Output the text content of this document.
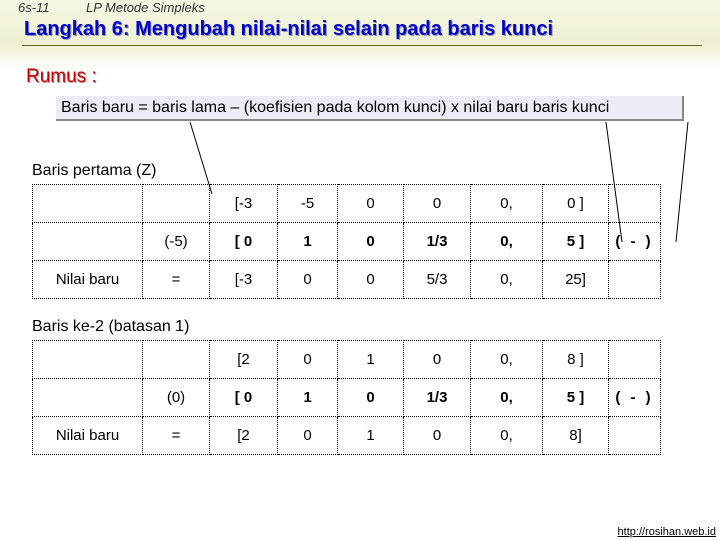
6s-11	LP Metode Simpleks
Langkah 6: Mengubah nilai-nilai selain pada baris kunci
Rumus :
Baris baru = baris lama – (koefisien pada kolom kunci) x nilai baru baris kunci
Baris pertama (Z)
		[-3	-5	0	0	0,	0 ]	
	(-5)	[ 0	1	0	1/3	0,	5 ]	( - )
Nilai baru	=	[-3	0	0	5/3	0,	25]	
Baris ke-2 (batasan 1)
		[2	0	1	0	0,	8 ]	
	(0)	[ 0	1	0	1/3	0,	5 ]	( - )
Nilai baru	=	[2	0	1	0	0,	8]	
http://rosihan.web.id
